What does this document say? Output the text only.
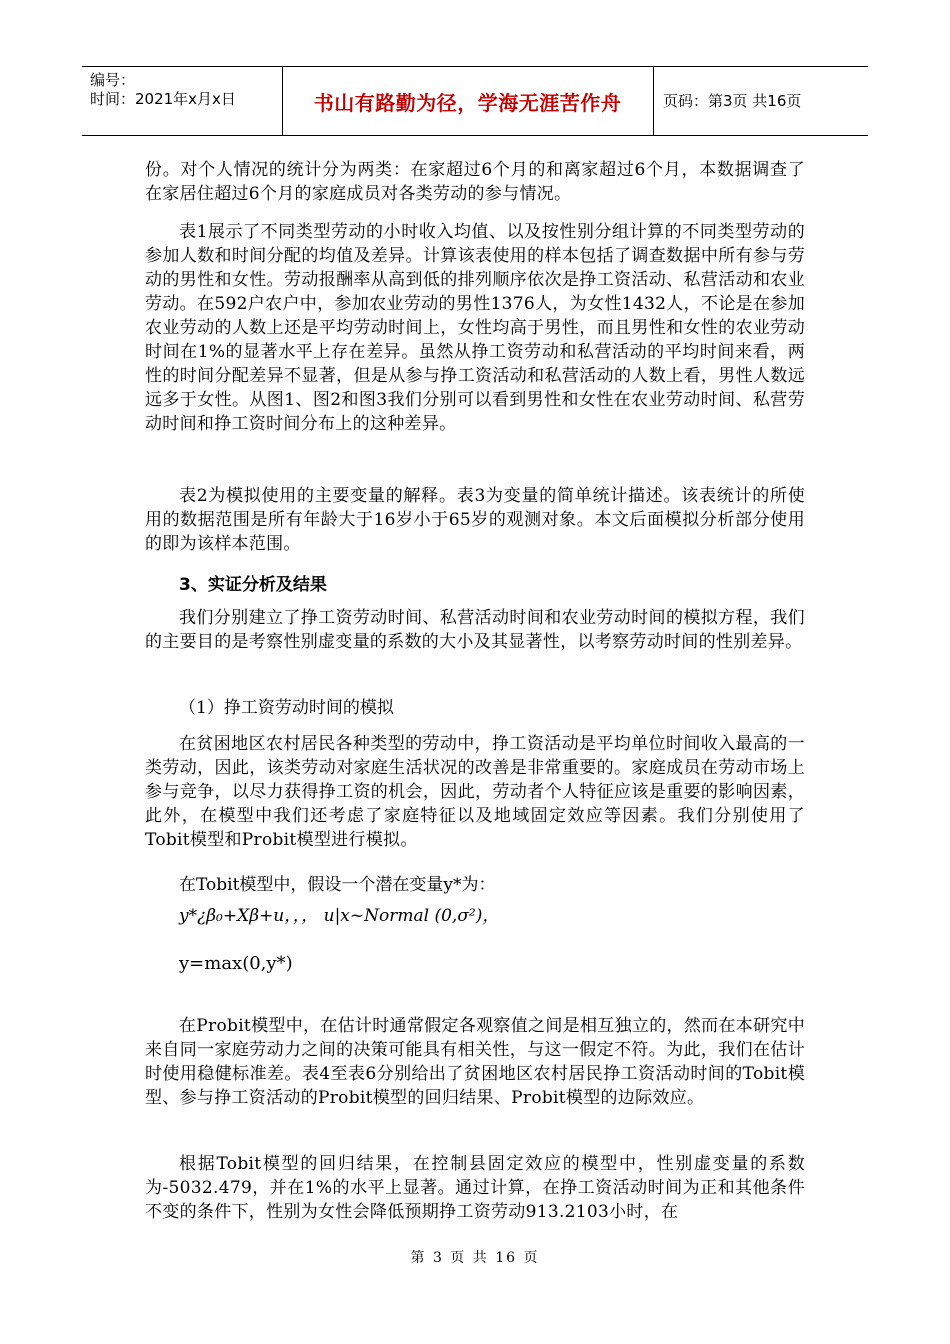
编号：
时间：2021年x月x日	书山有路勤为径，学海无涯苦作舟	页码：第3页 共16页
份。对个人情况的统计分为两类：在家超过6个月的和离家超过6个月，本数据调查了在家居住超过6个月的家庭成员对各类劳动的参与情况。
表1展示了不同类型劳动的小时收入均值、以及按性别分组计算的不同类型劳动的参加人数和时间分配的均值及差异。计算该表使用的样本包括了调查数据中所有参与劳动的男性和女性。劳动报酬率从高到低的排列顺序依次是挣工资活动、私营活动和农业劳动。在592户农户中，参加农业劳动的男性1376人，为女性1432人，不论是在参加农业劳动的人数上还是平均劳动时间上，女性均高于男性，而且男性和女性的农业劳动时间在1%的显著水平上存在差异。虽然从挣工资劳动和私营活动的平均时间来看，两性的时间分配差异不显著，但是从参与挣工资活动和私营活动的人数上看，男性人数远远多于女性。从图1、图2和图3我们分别可以看到男性和女性在农业劳动时间、私营劳动时间和挣工资时间分布上的这种差异。
表2为模拟使用的主要变量的解释。表3为变量的简单统计描述。该表统计的所使用的数据范围是所有年龄大于16岁小于65岁的观测对象。本文后面模拟分析部分使用的即为该样本范围。
3、实证分析及结果
我们分别建立了挣工资劳动时间、私营活动时间和农业劳动时间的模拟方程，我们的主要目的是考察性别虚变量的系数的大小及其显著性，以考察劳动时间的性别差异。
（1）挣工资劳动时间的模拟
在贫困地区农村居民各种类型的劳动中，挣工资活动是平均单位时间收入最高的一类劳动，因此，该类劳动对家庭生活状况的改善是非常重要的。家庭成员在劳动市场上参与竞争，以尽力获得挣工资的机会，因此，劳动者个人特征应该是重要的影响因素，此外，在模型中我们还考虑了家庭特征以及地域固定效应等因素。我们分别使用了Tobit模型和Probit模型进行模拟。
在Tobit模型中，假设一个潜在变量y*为：
y*¿β₀+Xβ+u，，， u|x~Normal (0,σ²)，
y=max(0,y*)
在Probit模型中，在估计时通常假定各观察值之间是相互独立的，然而在本研究中来自同一家庭劳动力之间的决策可能具有相关性，与这一假定不符。为此，我们在估计时使用稳健标准差。表4至表6分别给出了贫困地区农村居民挣工资活动时间的Tobit模型、参与挣工资活动的Probit模型的回归结果、Probit模型的边际效应。
根据Tobit模型的回归结果，在控制县固定效应的模型中，性别虚变量的系数为-5032.479，并在1%的水平上显著。通过计算，在挣工资活动时间为正和其他条件不变的条件下，性别为女性会降低预期挣工资劳动913.2103小时，在
第 3 页 共 16 页
